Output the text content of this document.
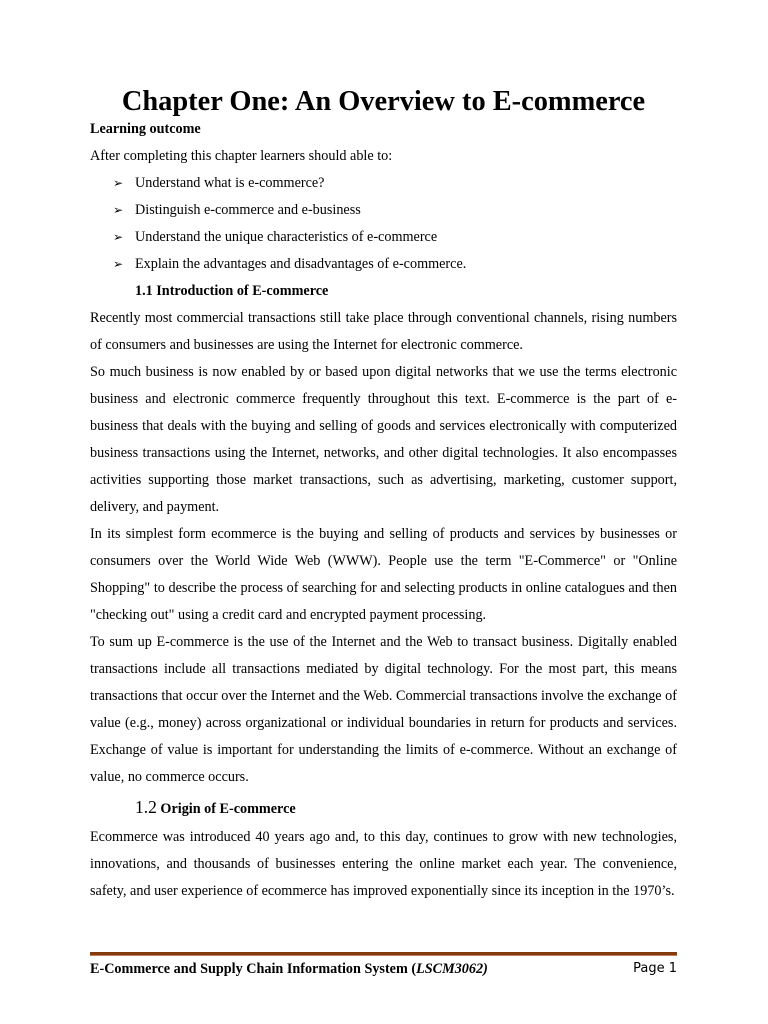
Chapter One: An Overview to E-commerce
Learning outcome

After completing this chapter learners should able to:

➢ Understand what is e-commerce?
➢ Distinguish e-commerce and e-business
➢ Understand the unique characteristics of e-commerce
➢ Explain the advantages and disadvantages of e-commerce.
1.1 Introduction of E-commerce

Recently most commercial transactions still take place through conventional channels, rising numbers of consumers and businesses are using the Internet for electronic commerce.

So much business is now enabled by or based upon digital networks that we use the terms electronic business and electronic commerce frequently throughout this text. E-commerce is the part of e-business that deals with the buying and selling of goods and services electronically with computerized business transactions using the Internet, networks, and other digital technologies. It also encompasses activities supporting those market transactions, such as advertising, marketing, customer support, delivery, and payment.

In its simplest form ecommerce is the buying and selling of products and services by businesses or consumers over the World Wide Web (WWW). People use the term "E-Commerce" or "Online Shopping" to describe the process of searching for and selecting products in online catalogues and then "checking out" using a credit card and encrypted payment processing.

To sum up E-commerce is the use of the Internet and the Web to transact business. Digitally enabled transactions include all transactions mediated by digital technology. For the most part, this means transactions that occur over the Internet and the Web. Commercial transactions involve the exchange of value (e.g., money) across organizational or individual boundaries in return for products and services. Exchange of value is important for understanding the limits of e-commerce. Without an exchange of value, no commerce occurs.

1.2 Origin of E-commerce

Ecommerce was introduced 40 years ago and, to this day, continues to grow with new technologies, innovations, and thousands of businesses entering the online market each year. The convenience, safety, and user experience of ecommerce has improved exponentially since its inception in the 1970’s.

E-Commerce and Supply Chain Information System (LSCM3062)	Page 1
